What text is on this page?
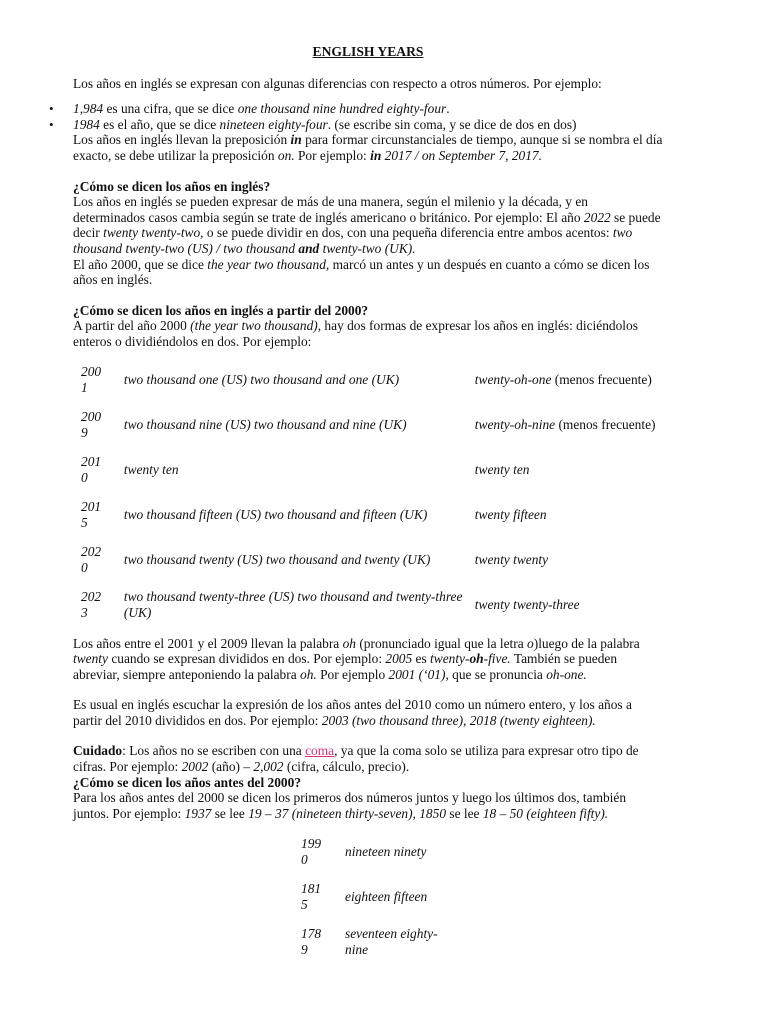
ENGLISH YEARS

Los años en inglés se expresan con algunas diferencias con respecto a otros números. Por ejemplo:

• 1,984 es una cifra, que se dice one thousand nine hundred eighty-four.
• 1984 es el año, que se dice nineteen eighty-four. (se escribe sin coma, y se dice de dos en dos)

Los años en inglés llevan la preposición in para formar circunstanciales de tiempo, aunque si se nombra el día exacto, se debe utilizar la preposición on. Por ejemplo: in 2017 / on September 7, 2017.

¿Cómo se dicen los años en inglés?

Los años en inglés se pueden expresar de más de una manera, según el milenio y la década, y en determinados casos cambia según se trate de inglés americano o británico. Por ejemplo: El año 2022 se puede decir twenty twenty-two, o se puede dividir en dos, con una pequeña diferencia entre ambos acentos: two thousand twenty-two (US) / two thousand and twenty-two (UK).

El año 2000, que se dice the year two thousand, marcó un antes y un después en cuanto a cómo se dicen los años en inglés.

¿Cómo se dicen los años en inglés a partir del 2000?

A partir del año 2000 (the year two thousand), hay dos formas de expresar los años en inglés: diciéndolos enteros o dividiéndolos en dos. Por ejemplo:

2001	two thousand one (US) two thousand and one (UK)	twenty-oh-one (menos frecuente)
2009	two thousand nine (US) two thousand and nine (UK)	twenty-oh-nine (menos frecuente)
2010	twenty ten	twenty ten
2015	two thousand fifteen (US) two thousand and fifteen (UK)	twenty fifteen
2020	two thousand twenty (US) two thousand and twenty (UK)	twenty twenty
2023	two thousand twenty-three (US) two thousand and twenty-three (UK)	twenty twenty-three

Los años entre el 2001 y el 2009 llevan la palabra oh (pronunciado igual que la letra o)luego de la palabra twenty cuando se expresan divididos en dos. Por ejemplo: 2005 es twenty-oh-five. También se pueden abreviar, siempre anteponiendo la palabra oh. Por ejemplo 2001 (‘01), que se pronuncia oh-one.

Es usual en inglés escuchar la expresión de los años antes del 2010 como un número entero, y los años a partir del 2010 divididos en dos. Por ejemplo: 2003 (two thousand three), 2018 (twenty eighteen).

Cuidado: Los años no se escriben con una coma, ya que la coma solo se utiliza para expresar otro tipo de cifras. Por ejemplo: 2002 (año) – 2,002 (cifra, cálculo, precio).

¿Cómo se dicen los años antes del 2000?

Para los años antes del 2000 se dicen los primeros dos números juntos y luego los últimos dos, también juntos. Por ejemplo: 1937 se lee 19 – 37 (nineteen thirty-seven), 1850 se lee 18 – 50 (eighteen fifty).

1990	nineteen ninety
1815	eighteen fifteen
1789	seventeen eighty-nine
